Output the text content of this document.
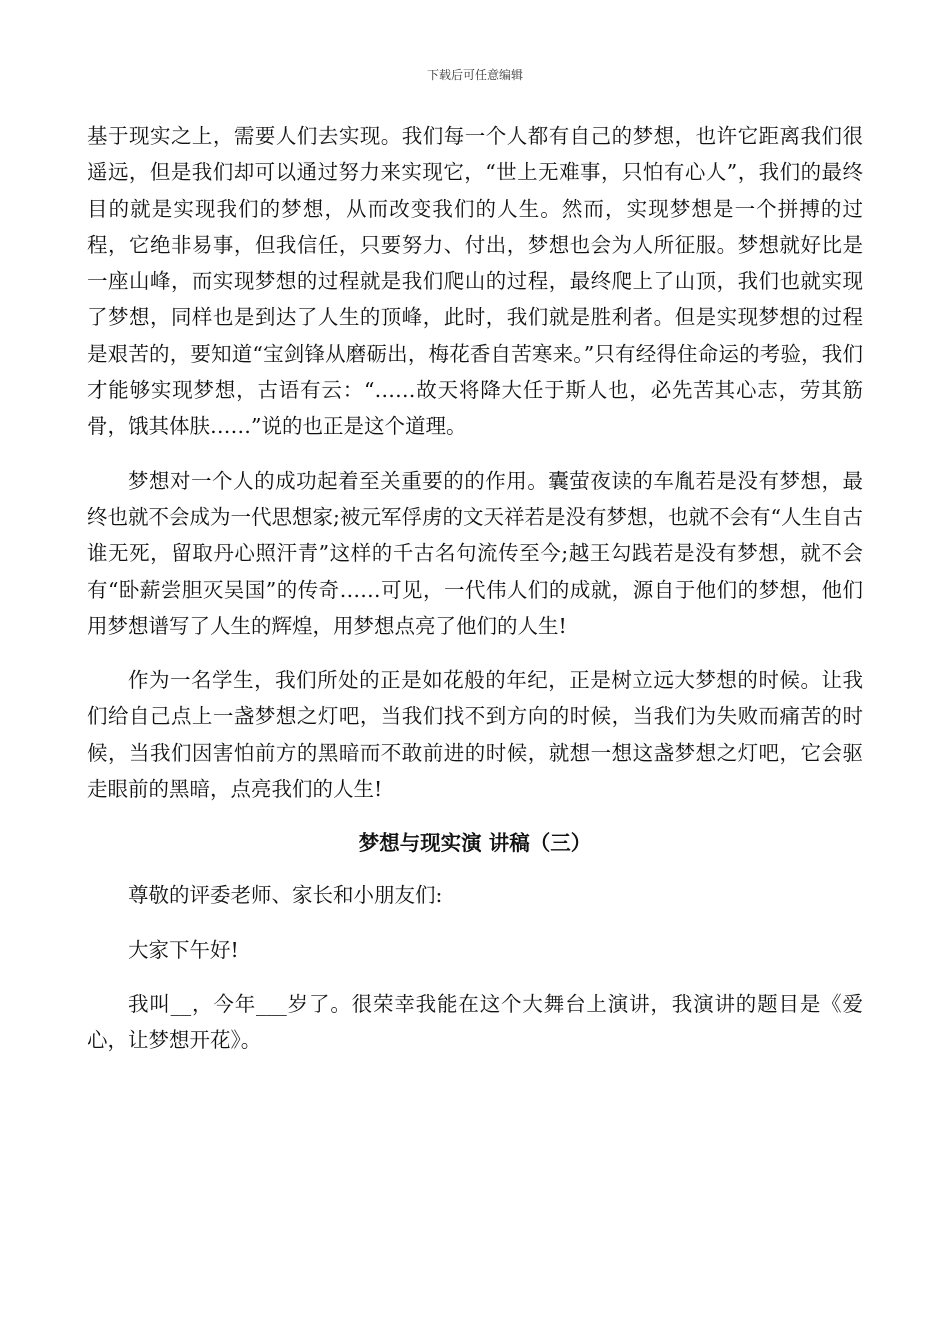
下载后可任意编辑

基于现实之上，需要人们去实现。我们每一个人都有自己的梦想，也许它距离我们很遥远，但是我们却可以通过努力来实现它，“世上无难事，只怕有心人”，我们的最终目的就是实现我们的梦想，从而改变我们的人生。然而，实现梦想是一个拼搏的过程，它绝非易事，但我信任，只要努力、付出，梦想也会为人所征服。梦想就好比是一座山峰，而实现梦想的过程就是我们爬山的过程，最终爬上了山顶，我们也就实现了梦想，同样也是到达了人生的顶峰，此时，我们就是胜利者。但是实现梦想的过程是艰苦的，要知道“宝剑锋从磨砺出，梅花香自苦寒来。”只有经得住命运的考验，我们才能够实现梦想，古语有云：“……故天将降大任于斯人也，必先苦其心志，劳其筋骨，饿其体肤……”说的也正是这个道理。

梦想对一个人的成功起着至关重要的的作用。囊萤夜读的车胤若是没有梦想，最终也就不会成为一代思想家;被元军俘虏的文天祥若是没有梦想，也就不会有“人生自古谁无死，留取丹心照汗青”这样的千古名句流传至今;越王勾践若是没有梦想，就不会有“卧薪尝胆灭吴国”的传奇……可见，一代伟人们的成就，源自于他们的梦想，他们用梦想谱写了人生的辉煌，用梦想点亮了他们的人生!

作为一名学生，我们所处的正是如花般的年纪，正是树立远大梦想的时候。让我们给自己点上一盏梦想之灯吧，当我们找不到方向的时候，当我们为失败而痛苦的时候，当我们因害怕前方的黑暗而不敢前进的时候，就想一想这盏梦想之灯吧，它会驱走眼前的黑暗，点亮我们的人生!

梦想与现实演 讲稿（三）

尊敬的评委老师、家长和小朋友们:

大家下午好!

我叫__，今年___岁了。很荣幸我能在这个大舞台上演讲，我演讲的题目是《爱心，让梦想开花》。
